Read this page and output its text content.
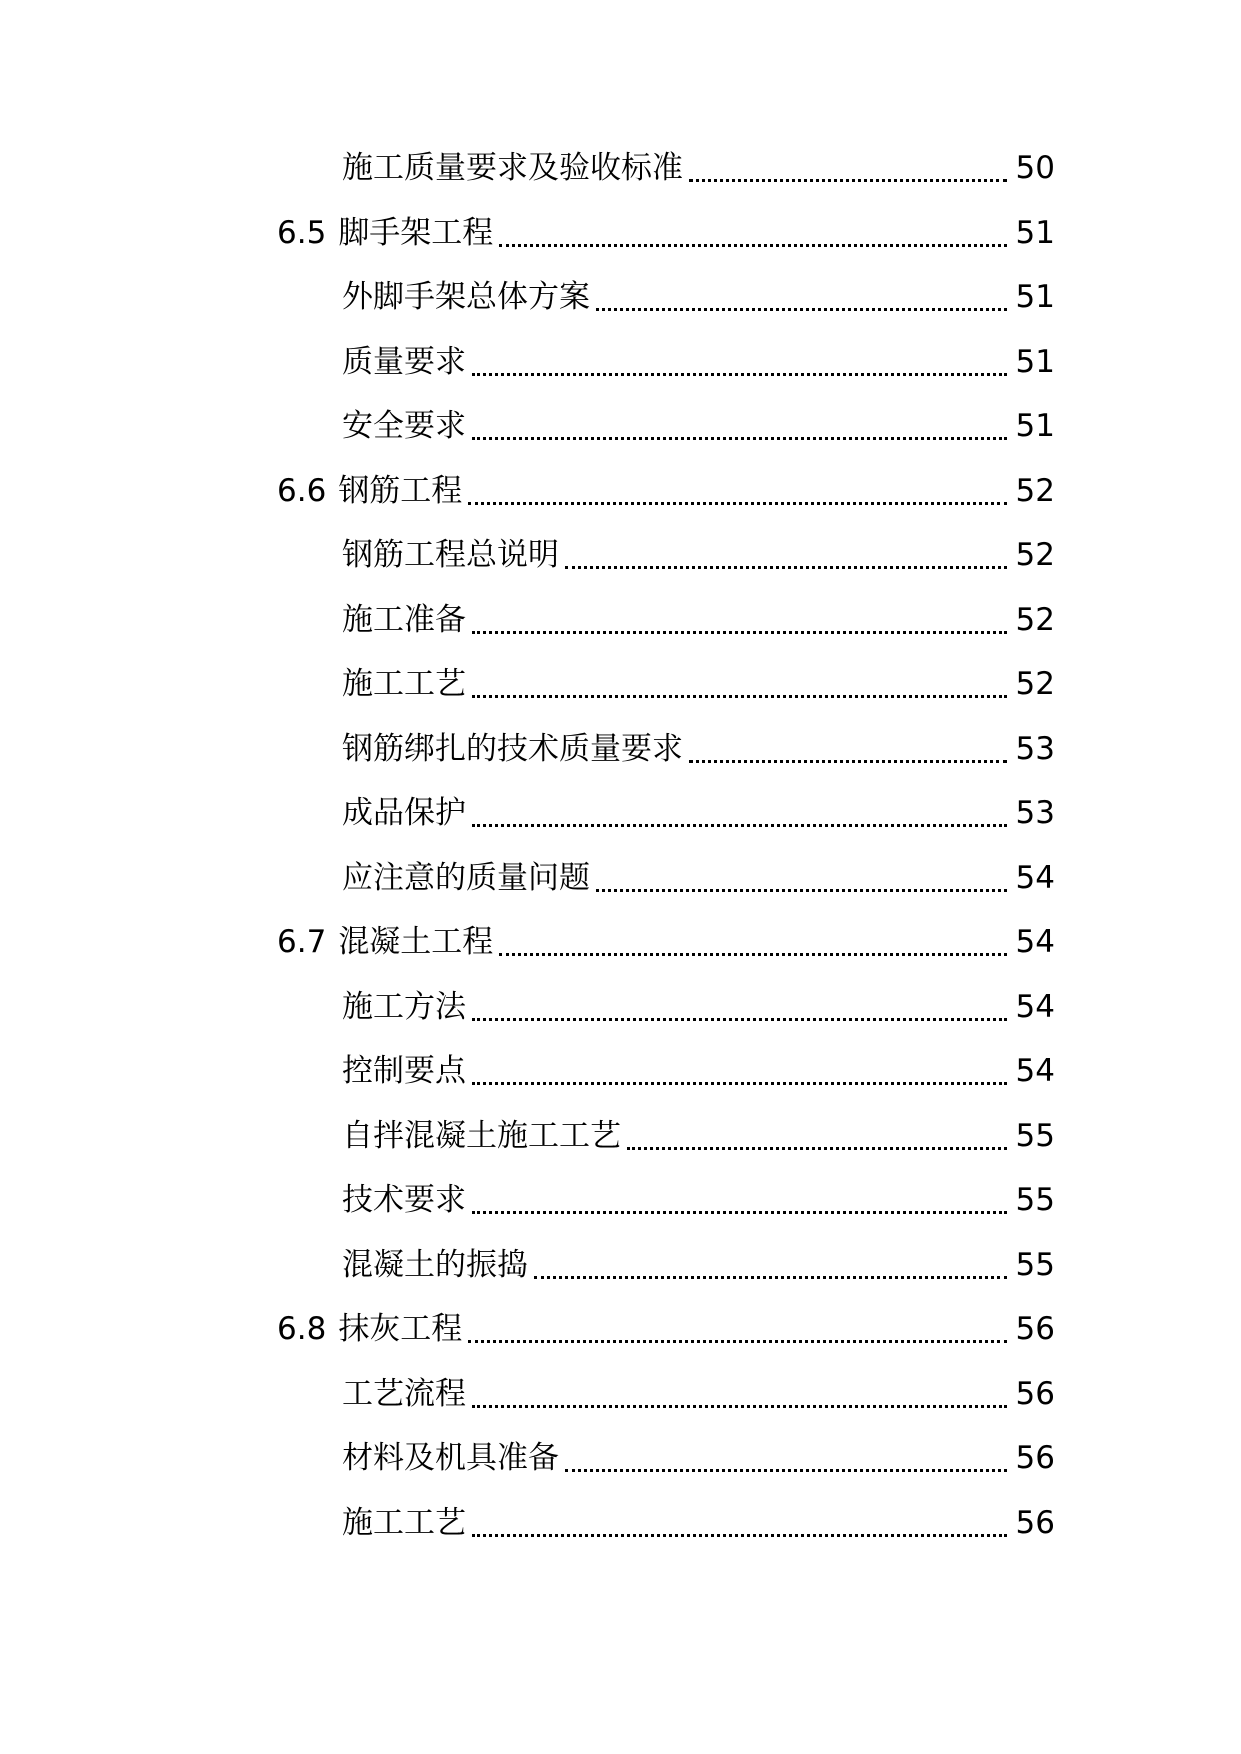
施工质量要求及验收标准	50
6.5 脚手架工程	51
外脚手架总体方案	51
质量要求	51
安全要求	51
6.6 钢筋工程	52
钢筋工程总说明	52
施工准备	52
施工工艺	52
钢筋绑扎的技术质量要求	53
成品保护	53
应注意的质量问题	54
6.7 混凝土工程	54
施工方法	54
控制要点	54
自拌混凝土施工工艺	55
技术要求	55
混凝土的振捣	55
6.8 抹灰工程	56
工艺流程	56
材料及机具准备	56
施工工艺	56
